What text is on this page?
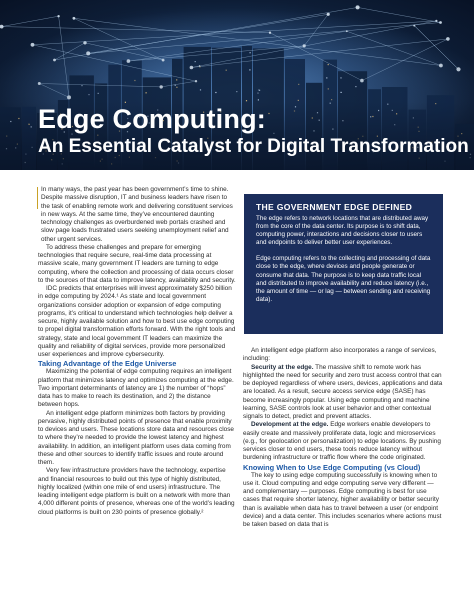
Edge Computing:
An Essential Catalyst for Digital Transformation

In many ways, the past year has been government’s time to shine. Despite massive disruption, IT and business leaders have risen to the task of enabling remote work and delivering constituent services in new ways. At the same time, they’ve encountered daunting technology challenges as overburdened web portals crashed and slow page loads frustrated users seeking unemployment relief and other urgent services.

To address these challenges and prepare for emerging technologies that require secure, real-time data processing at massive scale, many government IT leaders are turning to edge computing, where the collection and processing of data occurs closer to the sources of that data to improve latency, availability and security.

IDC predicts that enterprises will invest approximately $250 billion in edge computing by 2024.¹ As state and local government organizations consider adoption or expansion of edge computing programs, it’s critical to understand which technologies help deliver a secure, highly available solution and how to best use edge computing to propel digital transformation efforts forward. With the right tools and strategy, state and local government IT leaders can maximize the quality and reliability of digital services, provide more personalized user experiences and improve cybersecurity.

Taking Advantage of the Edge Universe

Maximizing the potential of edge computing requires an intelligent platform that minimizes latency and optimizes computing at the edge. Two important determinants of latency are 1) the number of “hops” data has to make to reach its destination, and 2) the distance between hops.

An intelligent edge platform minimizes both factors by providing pervasive, highly distributed points of presence that enable proximity to devices and users. These locations store data and resources close to where they’re needed to provide the lowest latency and highest availability. In addition, an intelligent platform uses data coming from these and other sources to identify traffic issues and route around them.

Very few infrastructure providers have the technology, expertise and financial resources to build out this type of highly distributed, highly localized (within one mile of end users) infrastructure. The leading intelligent edge platform is built on a network with more than 4,000 different points of presence, whereas one of the world’s leading cloud platforms is built on 230 points of presence globally.²

THE GOVERNMENT EDGE DEFINED

The edge refers to network locations that are distributed away from the core of the data center. Its purpose is to shift data, computing power, interactions and decisions closer to users and endpoints to deliver better user experiences.

Edge computing refers to the collecting and processing of data close to the edge, where devices and people generate or consume that data. The purpose is to keep data traffic local and distributed to improve availability and reduce latency (i.e., the amount of time — or lag — between sending and receiving data).

An intelligent edge platform also incorporates a range of services, including:

Security at the edge. The massive shift to remote work has highlighted the need for security and zero trust access control that can be deployed regardless of where users, devices, applications and data are located. As a result, secure access service edge (SASE) has become increasingly popular. Using edge computing and machine learning, SASE controls look at user behavior and other contextual signals to detect, predict and prevent attacks.

Development at the edge. Edge workers enable developers to easily create and massively proliferate data, logic and microservices (e.g., for geolocation or personalization) to edge locations. By pushing services closer to end users, these tools reduce latency without burdening infrastructure or traffic flow where the code originated.

Knowing When to Use Edge Computing (vs Cloud)

The key to using edge computing successfully is knowing when to use it. Cloud computing and edge computing serve very different — and complementary — purposes. Edge computing is best for use cases that require shorter latency, higher availability or better security than is available when data has to travel between a user (or endpoint device) and a data center. This includes scenarios where actions must be taken based on data that is
